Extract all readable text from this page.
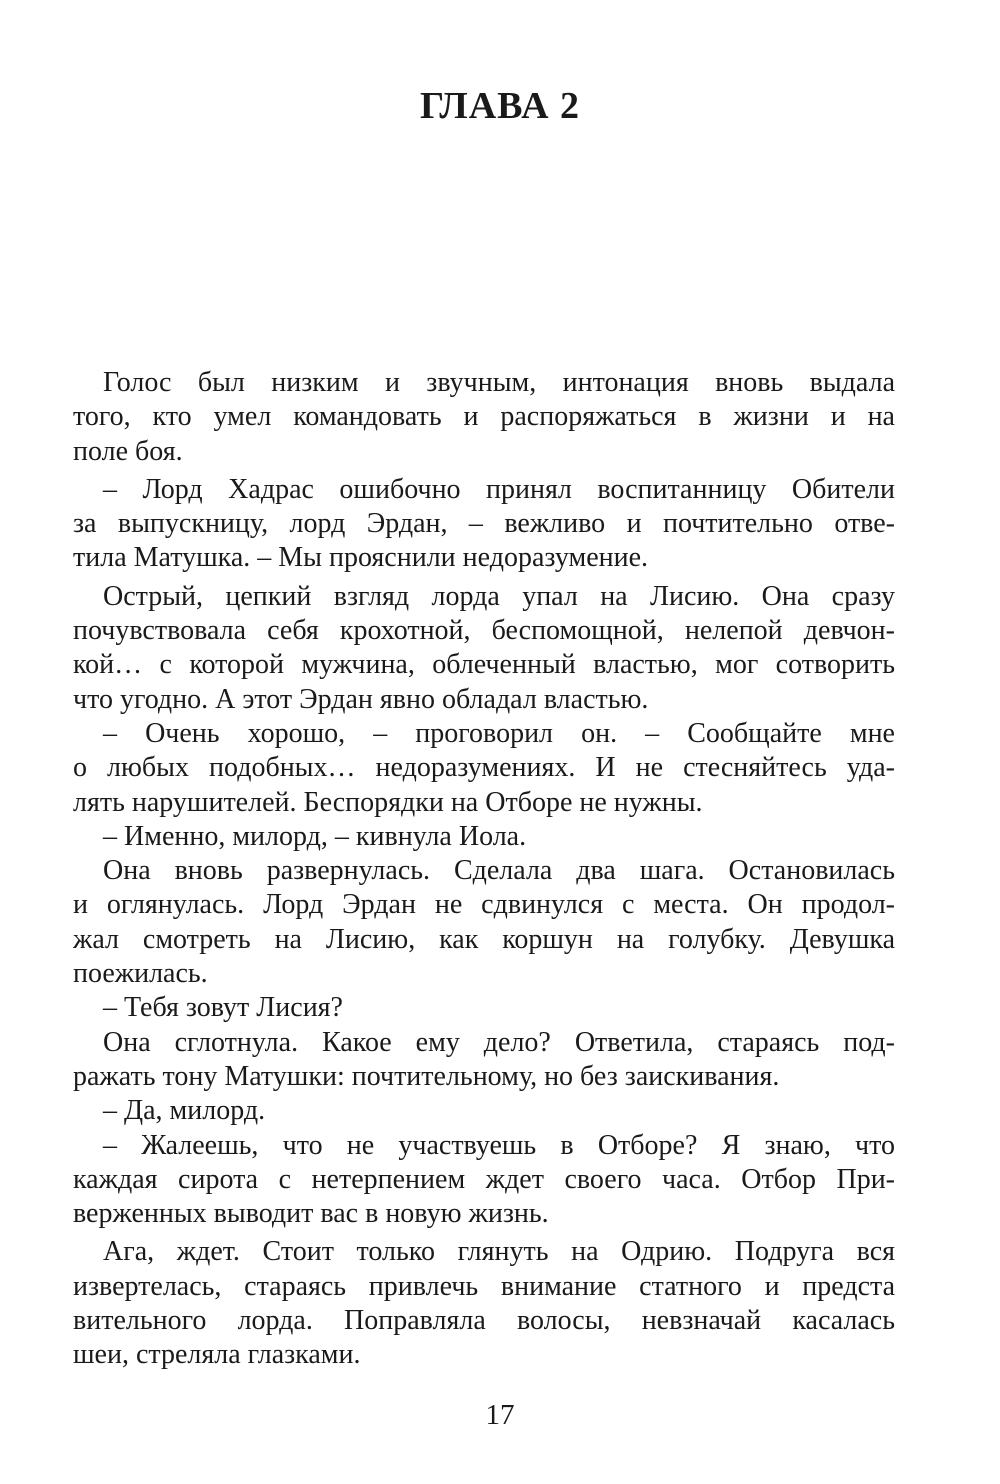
ГЛАВА 2

Голос был низким и звучным, интонация вновь выдала
того, кто умел командовать и распоряжаться в жизни и на
поле боя.

– Лорд Хадрас ошибочно принял воспитанницу Обители
за выпускницу, лорд Эрдан, – вежливо и почтительно отве-
тила Матушка. – Мы прояснили недоразумение.

Острый, цепкий взгляд лорда упал на Лисию. Она сразу
почувствовала себя крохотной, беспомощной, нелепой девчон-
кой… с которой мужчина, облеченный властью, мог сотворить
что угодно. А этот Эрдан явно обладал властью.

– Очень хорошо, – проговорил он. – Сообщайте мне
о любых подобных… недоразумениях. И не стесняйтесь уда-
лять нарушителей. Беспорядки на Отборе не нужны.

– Именно, милорд, – кивнула Иола.

Она вновь развернулась. Сделала два шага. Остановилась
и оглянулась. Лорд Эрдан не сдвинулся с места. Он продол-
жал смотреть на Лисию, как коршун на голубку. Девушка
поежилась.

– Тебя зовут Лисия?

Она сглотнула. Какое ему дело? Ответила, стараясь под-
ражать тону Матушки: почтительному, но без заискивания.

– Да, милорд.

– Жалеешь, что не участвуешь в Отборе? Я знаю, что
каждая сирота с нетерпением ждет своего часа. Отбор При-
верженных выводит вас в новую жизнь.

Ага, ждет. Стоит только глянуть на Одрию. Подруга вся
извертелась, стараясь привлечь внимание статного и предста
вительного лорда. Поправляла волосы, невзначай касалась
шеи, стреляла глазками.

17
